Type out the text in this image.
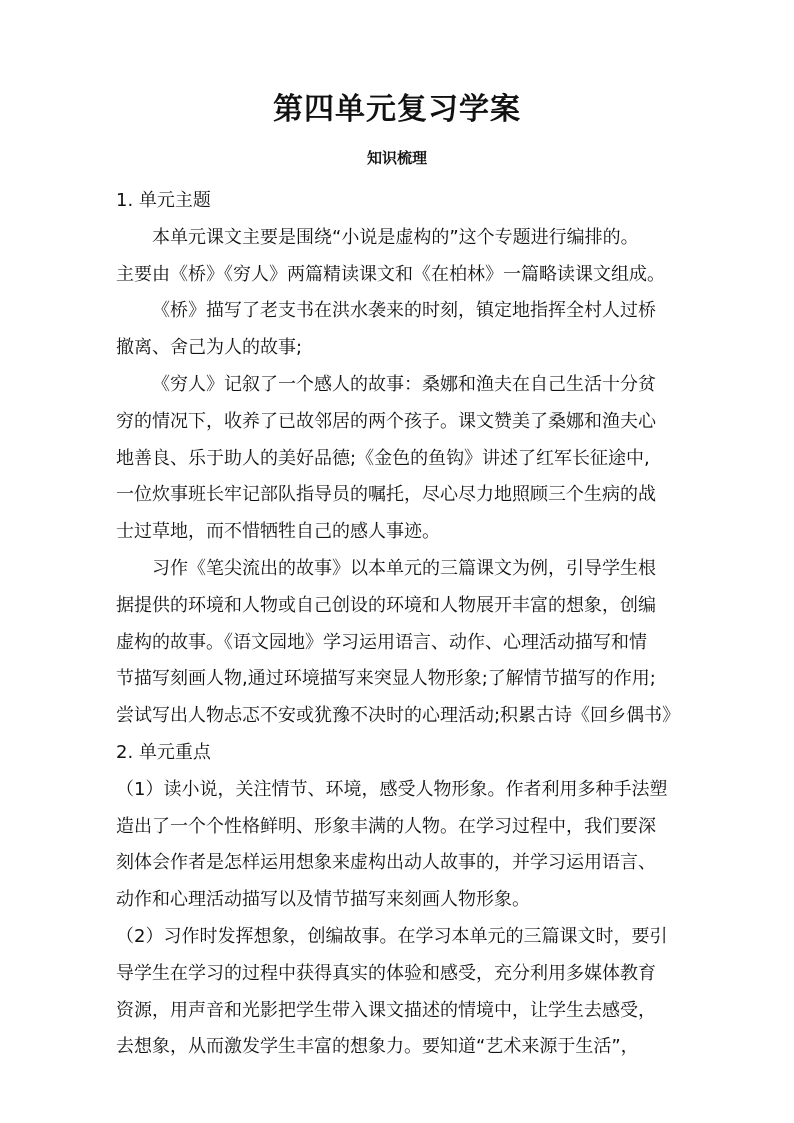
第四单元复习学案
知识梳理
1. 单元主题
本单元课文主要是围绕“小说是虚构的”这个专题进行编排的。
主要由《桥》《穷人》两篇精读课文和《在柏林》一篇略读课文组成。
《桥》描写了老支书在洪水袭来的时刻，镇定地指挥全村人过桥
撤离、舍己为人的故事;
《穷人》记叙了一个感人的故事：桑娜和渔夫在自己生活十分贫
穷的情况下，收养了已故邻居的两个孩子。课文赞美了桑娜和渔夫心
地善良、乐于助人的美好品德;《金色的鱼钩》讲述了红军长征途中,
一位炊事班长牢记部队指导员的嘱托，尽心尽力地照顾三个生病的战
士过草地，而不惜牺牲自己的感人事迹。
习作《笔尖流出的故事》以本单元的三篇课文为例，引导学生根
据提供的环境和人物或自己创设的环境和人物展开丰富的想象，创编
虚构的故事。《语文园地》学习运用语言、动作、心理活动描写和情
节描写刻画人物,通过环境描写来突显人物形象;了解情节描写的作用;
尝试写出人物忐忑不安或犹豫不决时的心理活动;积累古诗《回乡偶书》
2. 单元重点
（1）读小说，关注情节、环境，感受人物形象。作者利用多种手法塑
造出了一个个性格鲜明、形象丰满的人物。在学习过程中，我们要深
刻体会作者是怎样运用想象来虚构出动人故事的，并学习运用语言、
动作和心理活动描写以及情节描写来刻画人物形象。
（2）习作时发挥想象，创编故事。在学习本单元的三篇课文时，要引
导学生在学习的过程中获得真实的体验和感受，充分利用多媒体教育
资源，用声音和光影把学生带入课文描述的情境中，让学生去感受，
去想象，从而激发学生丰富的想象力。要知道“艺术来源于生活”，
